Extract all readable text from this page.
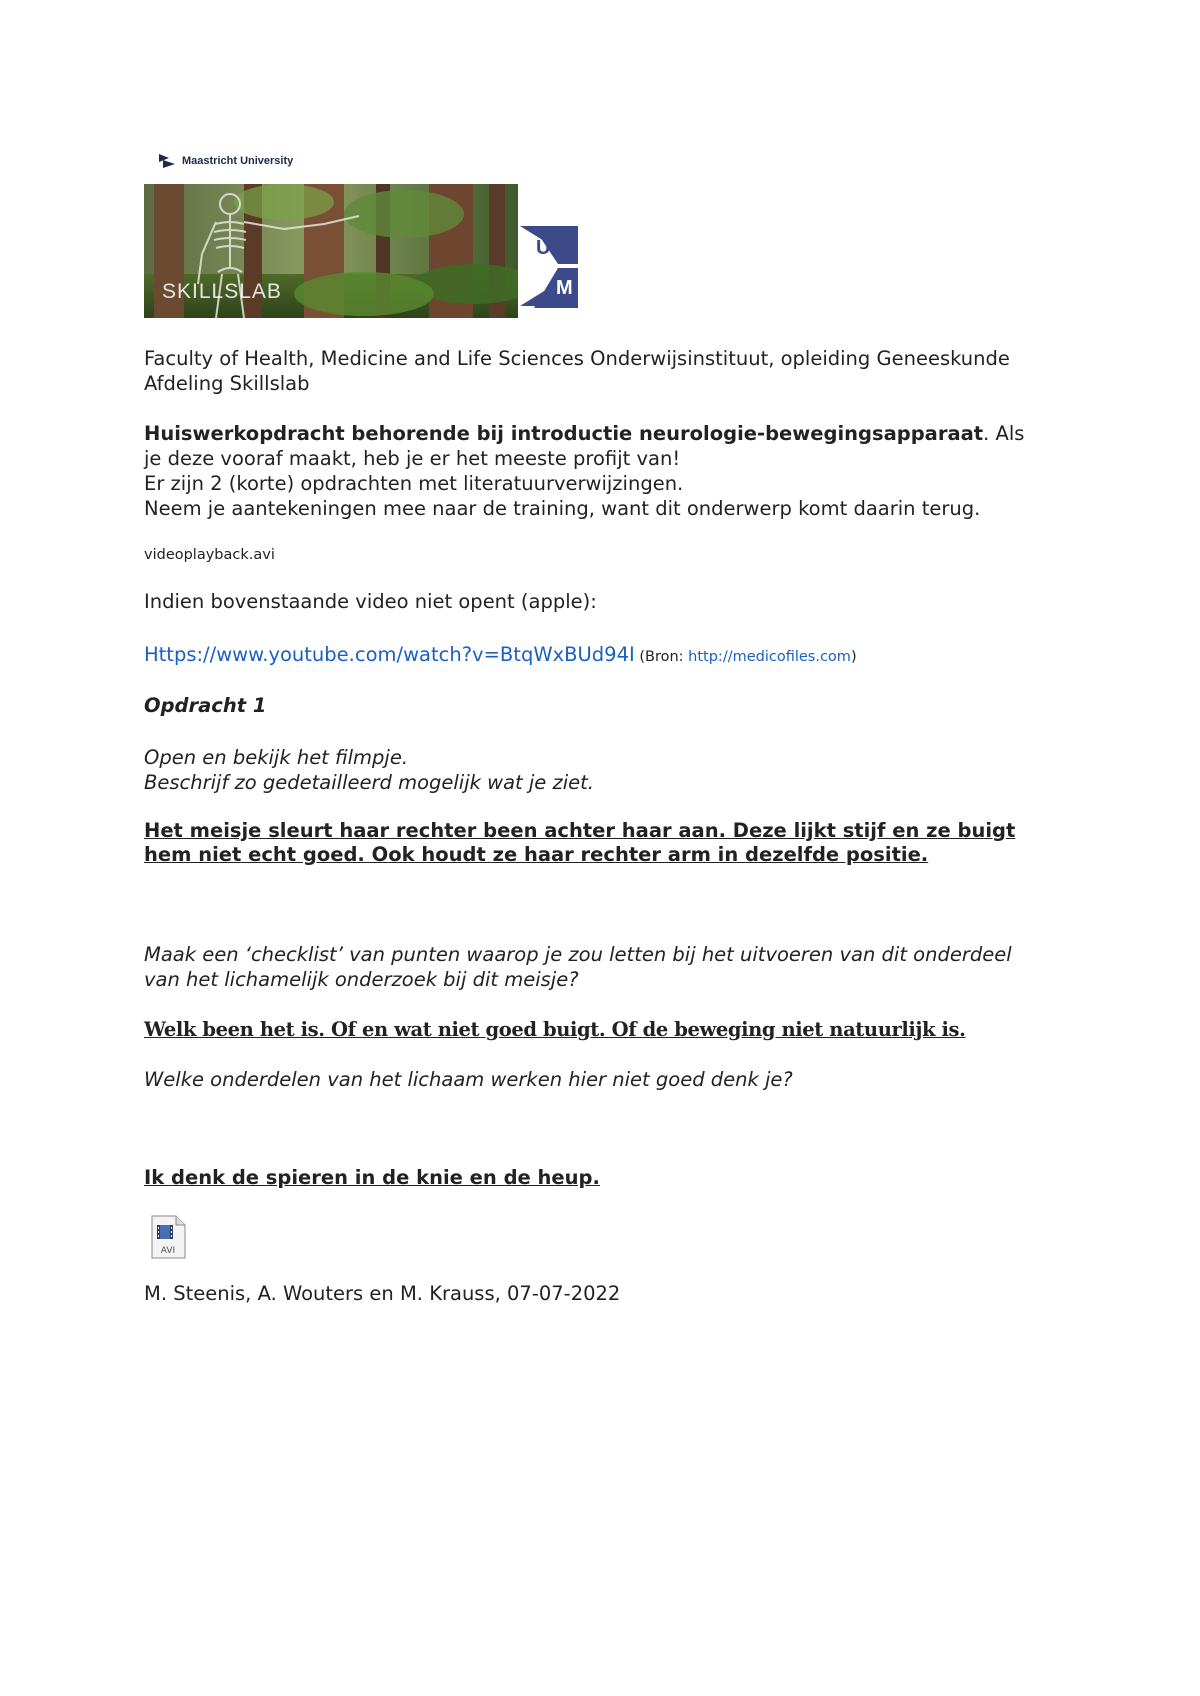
Maastricht University
SKILLSLAB
U
M

Faculty of Health, Medicine and Life Sciences Onderwijsinstituut, opleiding Geneeskunde

Afdeling Skillslab

Huiswerkopdracht behorende bij introductie neurologie-bewegingsapparaat. Als

je deze vooraf maakt, heb je er het meeste profijt van!

Er zijn 2 (korte) opdrachten met literatuurverwijzingen.

Neem je aantekeningen mee naar de training, want dit onderwerp komt daarin terug.

videoplayback.avi

Indien bovenstaande video niet opent (apple):

Https://www.youtube.com/watch?v=BtqWxBUd94I (Bron: http://medicofiles.com)

Opdracht 1

Open en bekijk het filmpje.

Beschrijf zo gedetailleerd mogelijk wat je ziet.

Het meisje sleurt haar rechter been achter haar aan. Deze lijkt stijf en ze buigt

hem niet echt goed. Ook houdt ze haar rechter arm in dezelfde positie.

Maak een ‘checklist’ van punten waarop je zou letten bij het uitvoeren van dit onderdeel

van het lichamelijk onderzoek bij dit meisje?

Welk been het is. Of en wat niet goed buigt. Of de beweging niet natuurlijk is.

Welke onderdelen van het lichaam werken hier niet goed denk je?

Ik denk de spieren in de knie en de heup.

AVI

M. Steenis, A. Wouters en M. Krauss, 07-07-2022
